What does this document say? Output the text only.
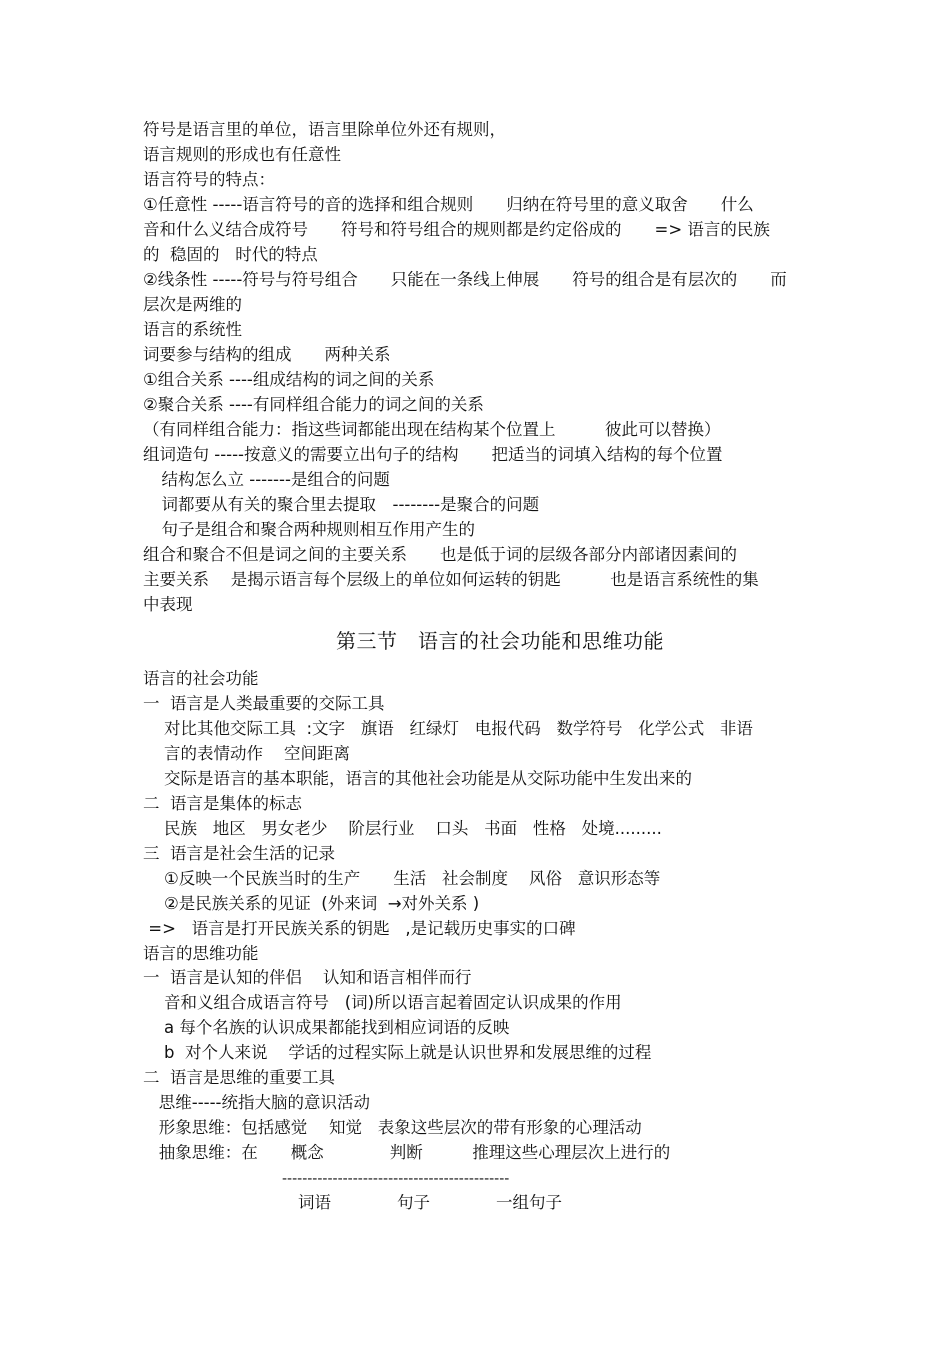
符号是语言里的单位，语言里除单位外还有规则，
语言规则的形成也有任意性
语言符号的特点：
①任意性 -----语言符号的音的选择和组合规则　　归纳在符号里的意义取舍　　什么
音和什么义结合成符号　　符号和符号组合的规则都是约定俗成的　　=> 语言的民族
的  稳固的   时代的特点
②线条性 -----符号与符号组合　　只能在一条线上伸展　　符号的组合是有层次的　　而
层次是两维的
语言的系统性
词要参与结构的组成　　两种关系
①组合关系 ----组成结构的词之间的关系
②聚合关系 ----有同样组合能力的词之间的关系
（有同样组合能力：指这些词都能出现在结构某个位置上　　　彼此可以替换）
组词造句 -----按意义的需要立出句子的结构　　把适当的词填入结构的每个位置
结构怎么立 -------是组合的问题
词都要从有关的聚合里去提取　--------是聚合的问题
句子是组合和聚合两种规则相互作用产生的
组合和聚合不但是词之间的主要关系　　也是低于词的层级各部分内部诸因素间的
主要关系　 是揭示语言每个层级上的单位如何运转的钥匙　　　也是语言系统性的集
中表现
第三节　语言的社会功能和思维功能
语言的社会功能
一  语言是人类最重要的交际工具
对比其他交际工具  :文字   旗语   红绿灯   电报代码   数学符号   化学公式   非语
言的表情动作    空间距离
交际是语言的基本职能，语言的其他社会功能是从交际功能中生发出来的
二  语言是集体的标志
民族   地区   男女老少    阶层行业    口头   书面   性格   处境.........
三  语言是社会生活的记录
①反映一个民族当时的生产　　生活   社会制度    风俗   意识形态等
②是民族关系的见证  (外来词  →对外关系 )
=>   语言是打开民族关系的钥匙   ,是记载历史事实的口碑
语言的思维功能
一  语言是认知的伴侣    认知和语言相伴而行
音和义组合成语言符号   (词)所以语言起着固定认识成果的作用
a 每个名族的认识成果都能找到相应词语的反映
b  对个人来说    学话的过程实际上就是认识世界和发展思维的过程
二  语言是思维的重要工具
思维-----统指大脑的意识活动
形象思维：包括感觉　 知觉   表象这些层次的带有形象的心理活动
抽象思维：在　　概念　　　　判断　　　推理这些心理层次上进行的
---------------------------------------------
词语　　　　句子　　　　一组句子
